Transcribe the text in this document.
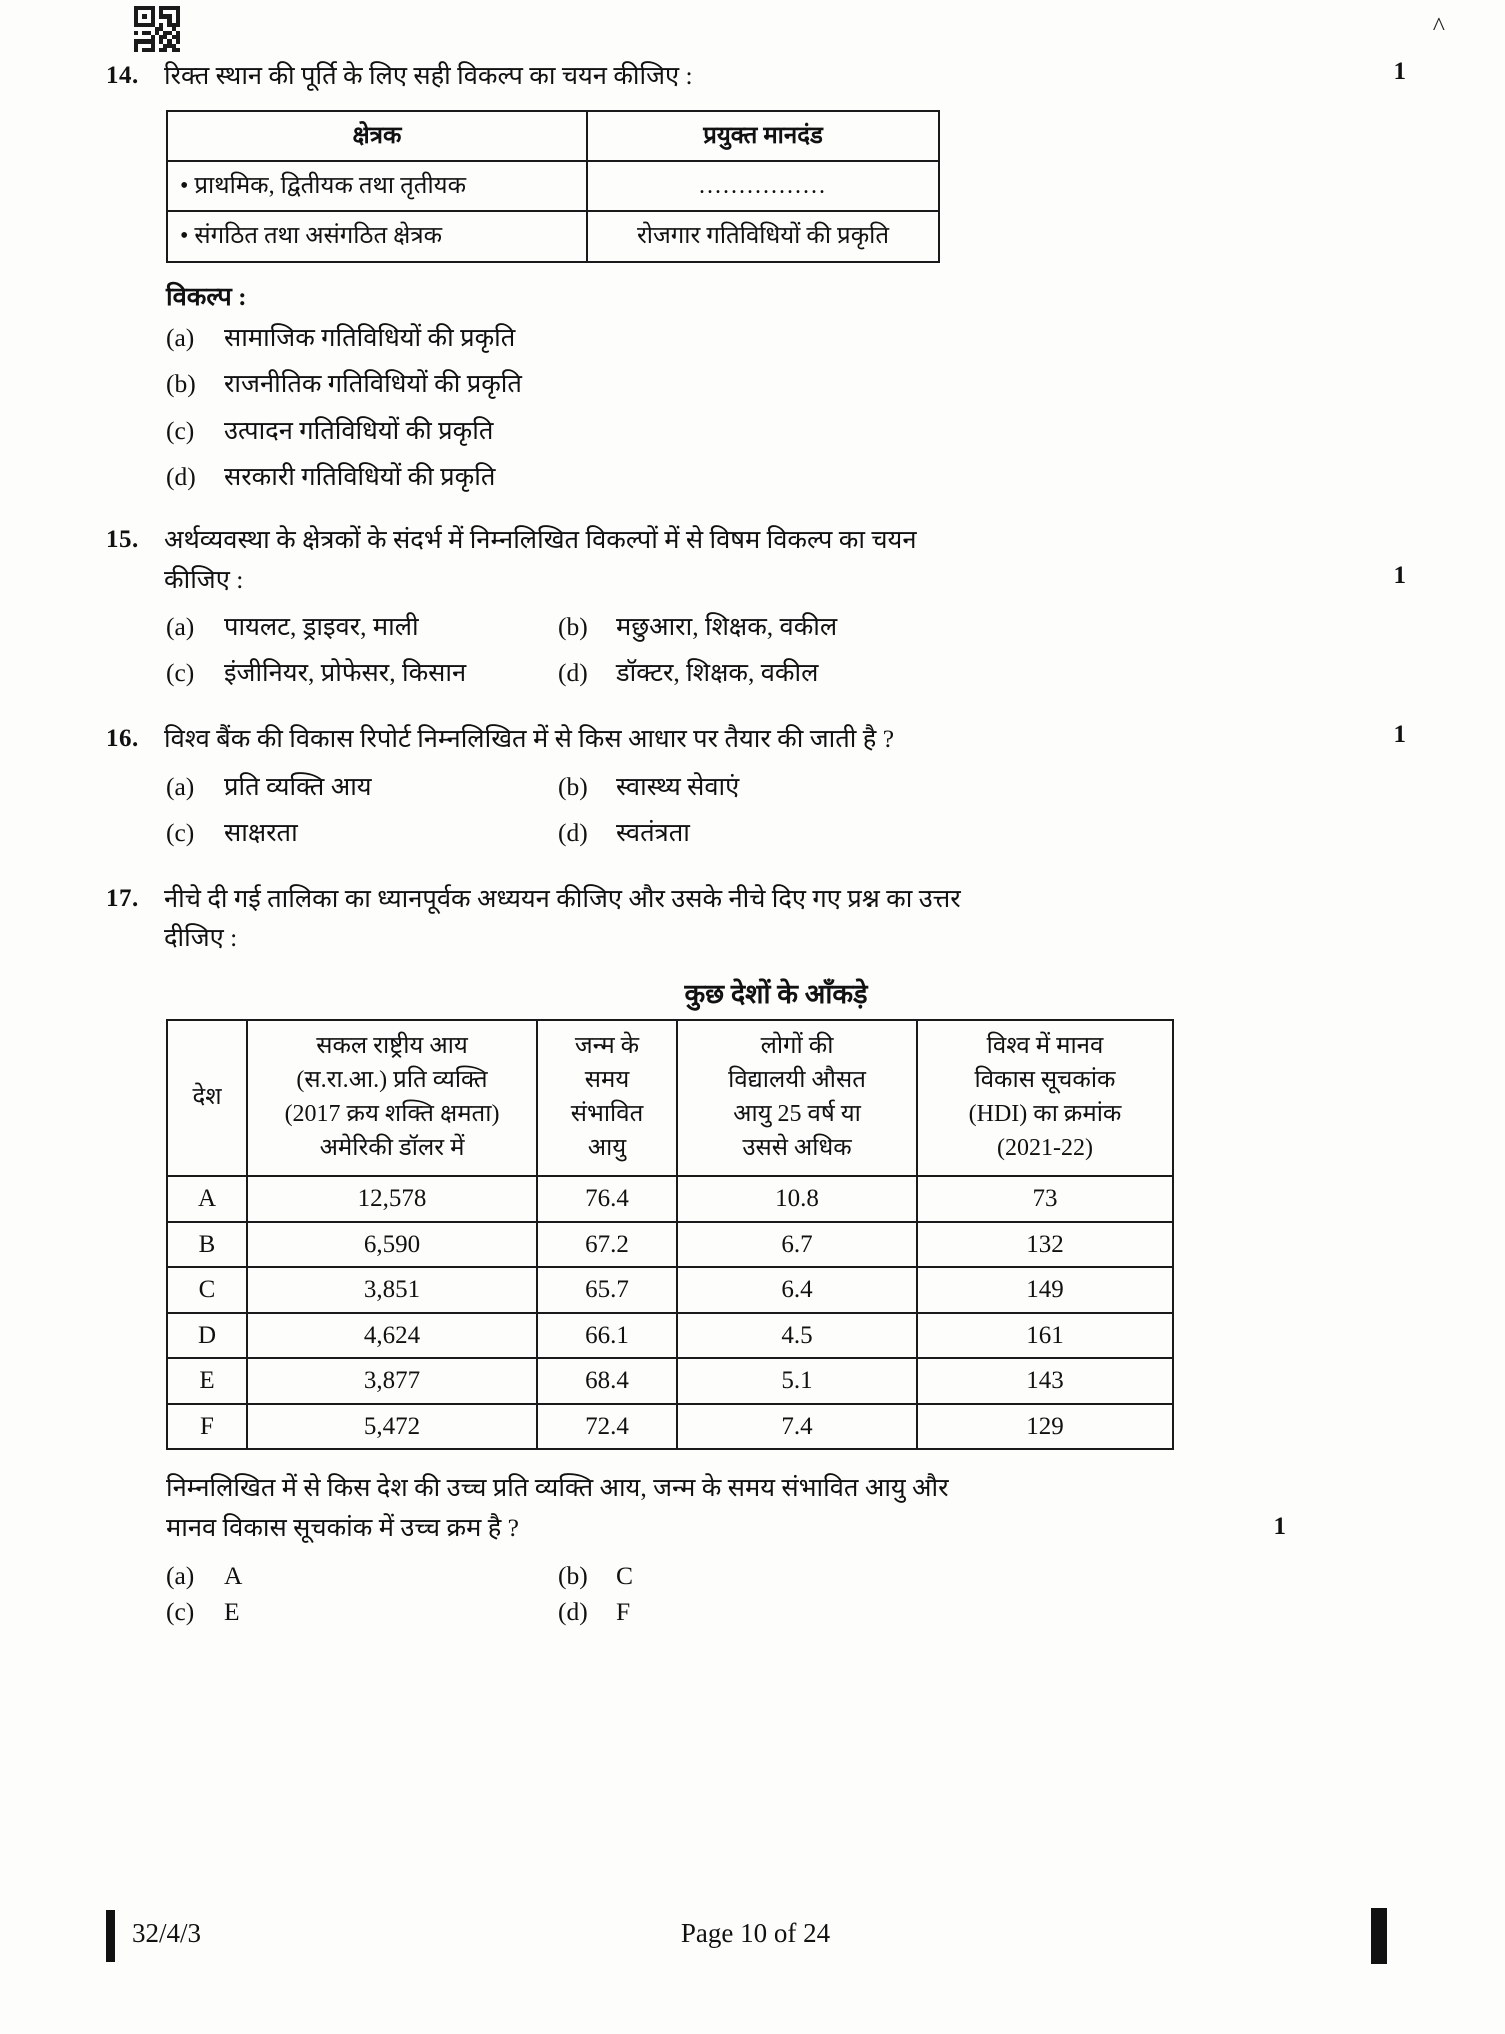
^
14. रिक्त स्थान की पूर्ति के लिए सही विकल्प का चयन कीजिए :	1
क्षेत्रक	प्रयुक्त मानदंड
• प्राथमिक, द्वितीयक तथा तृतीयक	................
• संगठित तथा असंगठित क्षेत्रक	रोजगार गतिविधियों की प्रकृति
विकल्प :
(a)	सामाजिक गतिविधियों की प्रकृति
(b)	राजनीतिक गतिविधियों की प्रकृति
(c)	उत्पादन गतिविधियों की प्रकृति
(d)	सरकारी गतिविधियों की प्रकृति
15. अर्थव्यवस्था के क्षेत्रकों के संदर्भ में निम्नलिखित विकल्पों में से विषम विकल्प का चयन
कीजिए :	1
(a)	पायलट, ड्राइवर, माली	(b)	मछुआरा, शिक्षक, वकील
(c)	इंजीनियर, प्रोफेसर, किसान	(d)	डॉक्टर, शिक्षक, वकील
16. विश्व बैंक की विकास रिपोर्ट निम्नलिखित में से किस आधार पर तैयार की जाती है ?	1
(a)	प्रति व्यक्ति आय	(b)	स्वास्थ्य सेवाएं
(c)	साक्षरता	(d)	स्वतंत्रता
17. नीचे दी गई तालिका का ध्यानपूर्वक अध्ययन कीजिए और उसके नीचे दिए गए प्रश्न का उत्तर
दीजिए :
कुछ देशों के आँकड़े
देश

सकल राष्ट्रीय आय
(स.रा.आ.) प्रति व्यक्ति
(2017 क्रय शक्ति क्षमता)
अमेरिकी डॉलर में

जन्म के
समय
संभावित
आयु

लोगों की
विद्यालयी औसत
आयु 25 वर्ष या
उससे अधिक

विश्व में मानव
विकास सूचकांक
(HDI) का क्रमांक
(2021-22)

A	12,578	76.4	10.8	73
B	6,590	67.2	6.7	132
C	3,851	65.7	6.4	149
D	4,624	66.1	4.5	161
E	3,877	68.4	5.1	143
F	5,472	72.4	7.4	129
निम्नलिखित में से किस देश की उच्च प्रति व्यक्ति आय, जन्म के समय संभावित आयु और
मानव विकास सूचकांक में उच्च क्रम है ?	1
(a)	A	(b)	C
(c)	E	(d)	F
32/4/3	Page 10 of 24
